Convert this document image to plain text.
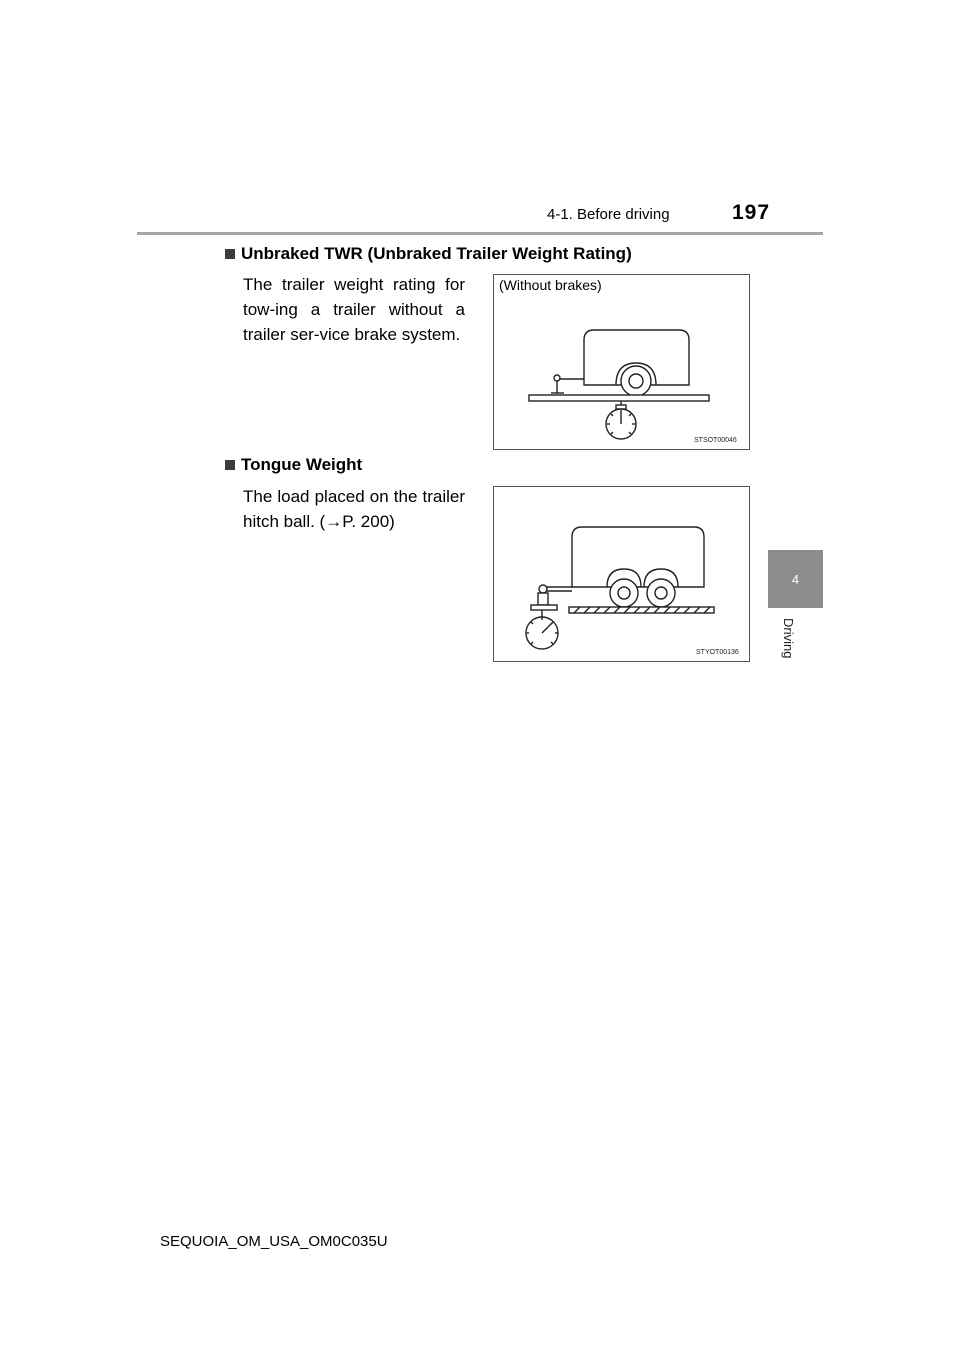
4-1. Before driving	197
4
Driving
Unbraked TWR (Unbraked Trailer Weight Rating)
The trailer weight rating for tow-ing a trailer without a trailer ser-vice brake system.
(Without brakes)
STSOT00046
Tongue Weight
The load placed on the trailer hitch ball. (→P. 200)
STYOT00136
SEQUOIA_OM_USA_OM0C035U
